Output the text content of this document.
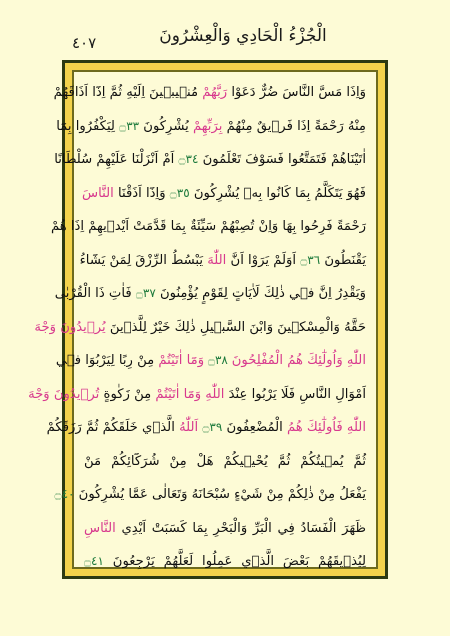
٤٠٧	الْجُزْءُ الْحَادِي وَالْعِشْرُونَ
وَاِذَا مَسَّ النَّاسَ ضُرٌّ دَعَوْا رَبَّهُمْ مُنٖيبٖينَ اِلَيْهِ ثُمَّ اِذَٓا اَذَاقَهُمْ
مِنْهُ رَحْمَةً اِذَا فَرٖيقٌ مِنْهُمْ بِرَبِّهِمْ يُشْرِكُونَ ۝٣٣ لِيَكْفُرُوا بِمَٓا
اٰتَيْنَاهُمْ فَتَمَتَّعُوا فَسَوْفَ تَعْلَمُونَ ۝٣٤ اَمْ اَنْزَلْنَا عَلَيْهِمْ سُلْطَانًا
فَهُوَ يَتَكَلَّمُ بِمَا كَانُوا بِهٖ يُشْرِكُونَ ۝٣٥ وَاِذَٓا اَذَقْنَا النَّاسَ
رَحْمَةً فَرِحُوا بِهَا وَاِنْ تُصِبْهُمْ سَيِّئَةٌ بِمَا قَدَّمَتْ اَيْدٖيهِمْ اِذَا هُمْ
يَقْنَطُونَ ۝٣٦ اَوَلَمْ يَرَوْا اَنَّ اللّٰهَ يَبْسُطُ الرِّزْقَ لِمَنْ يَشَٓاءُ
وَيَقْدِرُ اِنَّ فٖي ذٰلِكَ لَاٰيَاتٍ لِقَوْمٍ يُؤْمِنُونَ ۝٣٧ فَاٰتِ ذَا الْقُرْبٰى
حَقَّهُ وَالْمِسْكٖينَ وَابْنَ السَّبٖيلِ ذٰلِكَ خَيْرٌ لِلَّذٖينَ يُرٖيدُونَ وَجْهَ
اللّٰهِ وَاُولٰٓئِكَ هُمُ الْمُفْلِحُونَ ۝٣٨ وَمَٓا اٰتَيْتُمْ مِنْ رِبًا لِيَرْبُوَا فٖي
اَمْوَالِ النَّاسِ فَلَا يَرْبُوا عِنْدَ اللّٰهِ وَمَٓا اٰتَيْتُمْ مِنْ زَكٰوةٍ تُرٖيدُونَ وَجْهَ
اللّٰهِ فَاُولٰٓئِكَ هُمُ الْمُضْعِفُونَ ۝٣٩ اَللّٰهُ الَّذٖي خَلَقَكُمْ ثُمَّ رَزَقَكُمْ
ثُمَّ يُمٖيتُكُمْ ثُمَّ يُحْيٖيكُمْ هَلْ مِنْ شُرَكَٓائِكُمْ مَنْ
يَفْعَلُ مِنْ ذٰلِكُمْ مِنْ شَيْءٍ سُبْحَانَهُ وَتَعَالٰى عَمَّا يُشْرِكُونَ ۝٤٠
ظَهَرَ الْفَسَادُ فِي الْبَرِّ وَالْبَحْرِ بِمَا كَسَبَتْ اَيْدِي النَّاسِ
لِيُذٖيقَهُمْ بَعْضَ الَّذٖي عَمِلُوا لَعَلَّهُمْ يَرْجِعُونَ ۝٤١
